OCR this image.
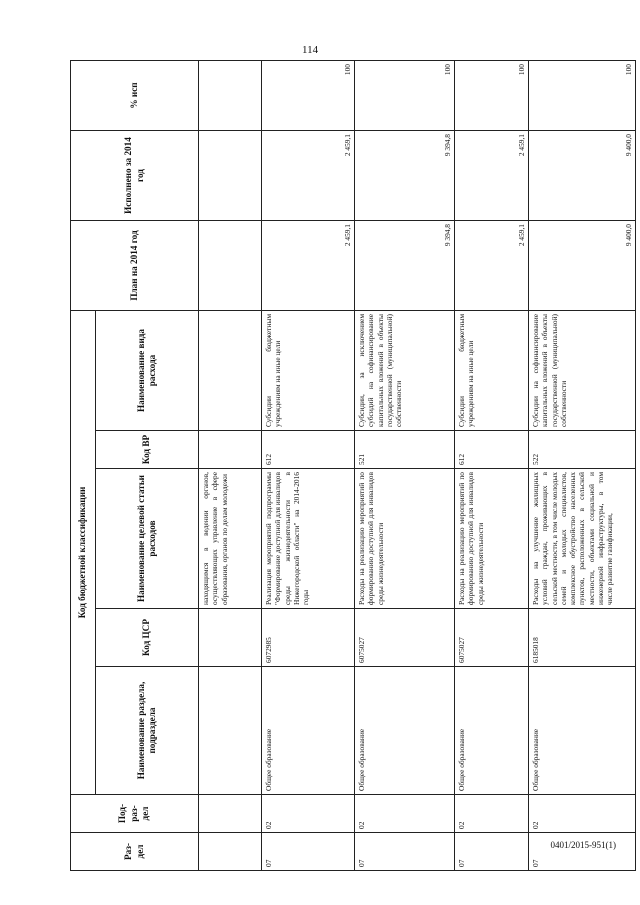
114
Раз-
дел	Под-
раз-
дел	Код бюджетной классификации					План на 2014 год	Исполнено за 2014 год	% исп
		Наименование раздела, подраздела	Код ЦСР	Наименование целевой статьи расходов	Код ВР	Наименование вида расхода			
				находящимся в ведении органов, осуществляющих управление в сфере образования, органов по делам молодежи					
07	02	Общее образование	6072985	Реализация мероприятий подпрограммы "Формирование доступной для инвалидов среды жизнедеятельности в Нижегородской области" на 2014-2016 годы	612	Субсидии бюджетным учреждениям на иные цели	2 459,1	2 459,1	100
07	02	Общее образование	6075027	Расходы на реализацию мероприятий по формированию доступной для инвалидов среды жизнедеятельности	521	Субсидии, за исключением субсидий на софинансирование капитальных вложений в объекты государственной (муниципальной) собственности	9 394,8	9 394,8	100
07	02	Общее образование	6075027	Расходы на реализацию мероприятий по формированию доступной для инвалидов среды жизнедеятельности	612	Субсидии бюджетным учреждениям на иные цели	2 459,1	2 459,1	100
07	02	Общее образование	6185018	Расходы на улучшение жилищных условий граждан, проживающих в сельской местности, в том числе молодых семей и молодых специалистов, комплексное обустройство населенных пунктов, расположенных в сельской местности, объектами социальной и инженерной инфраструктуры, в том числе развитие газификации,	522	Субсидии на софинансирование капитальных вложений в объекты государственной (муниципальной) собственности	9 400,0	9 400,0	100
0401/2015-951(1)
